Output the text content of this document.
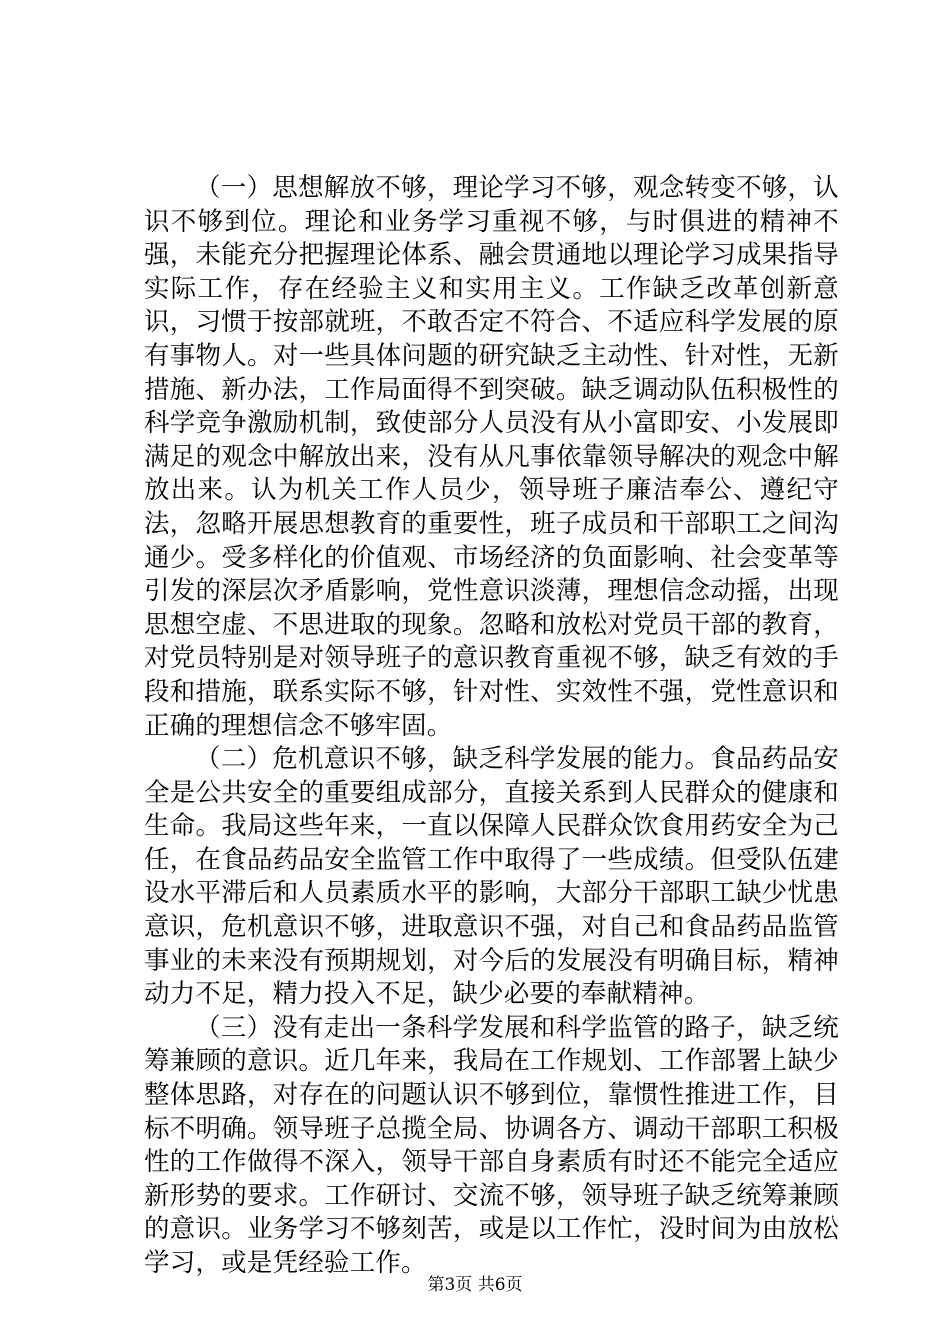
（一）思想解放不够，理论学习不够，观念转变不够，认识不够到位。理论和业务学习重视不够，与时俱进的精神不强，未能充分把握理论体系、融会贯通地以理论学习成果指导实际工作，存在经验主义和实用主义。工作缺乏改革创新意识，习惯于按部就班，不敢否定不符合、不适应科学发展的原有事物人。对一些具体问题的研究缺乏主动性、针对性，无新措施、新办法，工作局面得不到突破。缺乏调动队伍积极性的科学竞争激励机制，致使部分人员没有从小富即安、小发展即满足的观念中解放出来，没有从凡事依靠领导解决的观念中解放出来。认为机关工作人员少，领导班子廉洁奉公、遵纪守法，忽略开展思想教育的重要性，班子成员和干部职工之间沟通少。受多样化的价值观、市场经济的负面影响、社会变革等引发的深层次矛盾影响，党性意识淡薄，理想信念动摇，出现思想空虚、不思进取的现象。忽略和放松对党员干部的教育，对党员特别是对领导班子的意识教育重视不够，缺乏有效的手段和措施，联系实际不够，针对性、实效性不强，党性意识和正确的理想信念不够牢固。

（二）危机意识不够，缺乏科学发展的能力。食品药品安全是公共安全的重要组成部分，直接关系到人民群众的健康和生命。我局这些年来，一直以保障人民群众饮食用药安全为己任，在食品药品安全监管工作中取得了一些成绩。但受队伍建设水平滞后和人员素质水平的影响，大部分干部职工缺少忧患意识，危机意识不够，进取意识不强，对自己和食品药品监管事业的未来没有预期规划，对今后的发展没有明确目标，精神动力不足，精力投入不足，缺少必要的奉献精神。

（三）没有走出一条科学发展和科学监管的路子，缺乏统筹兼顾的意识。近几年来，我局在工作规划、工作部署上缺少整体思路，对存在的问题认识不够到位，靠惯性推进工作，目标不明确。领导班子总揽全局、协调各方、调动干部职工积极性的工作做得不深入，领导干部自身素质有时还不能完全适应新形势的要求。工作研讨、交流不够，领导班子缺乏统筹兼顾的意识。业务学习不够刻苦，或是以工作忙，没时间为由放松学习，或是凭经验工作。

第3页 共6页
